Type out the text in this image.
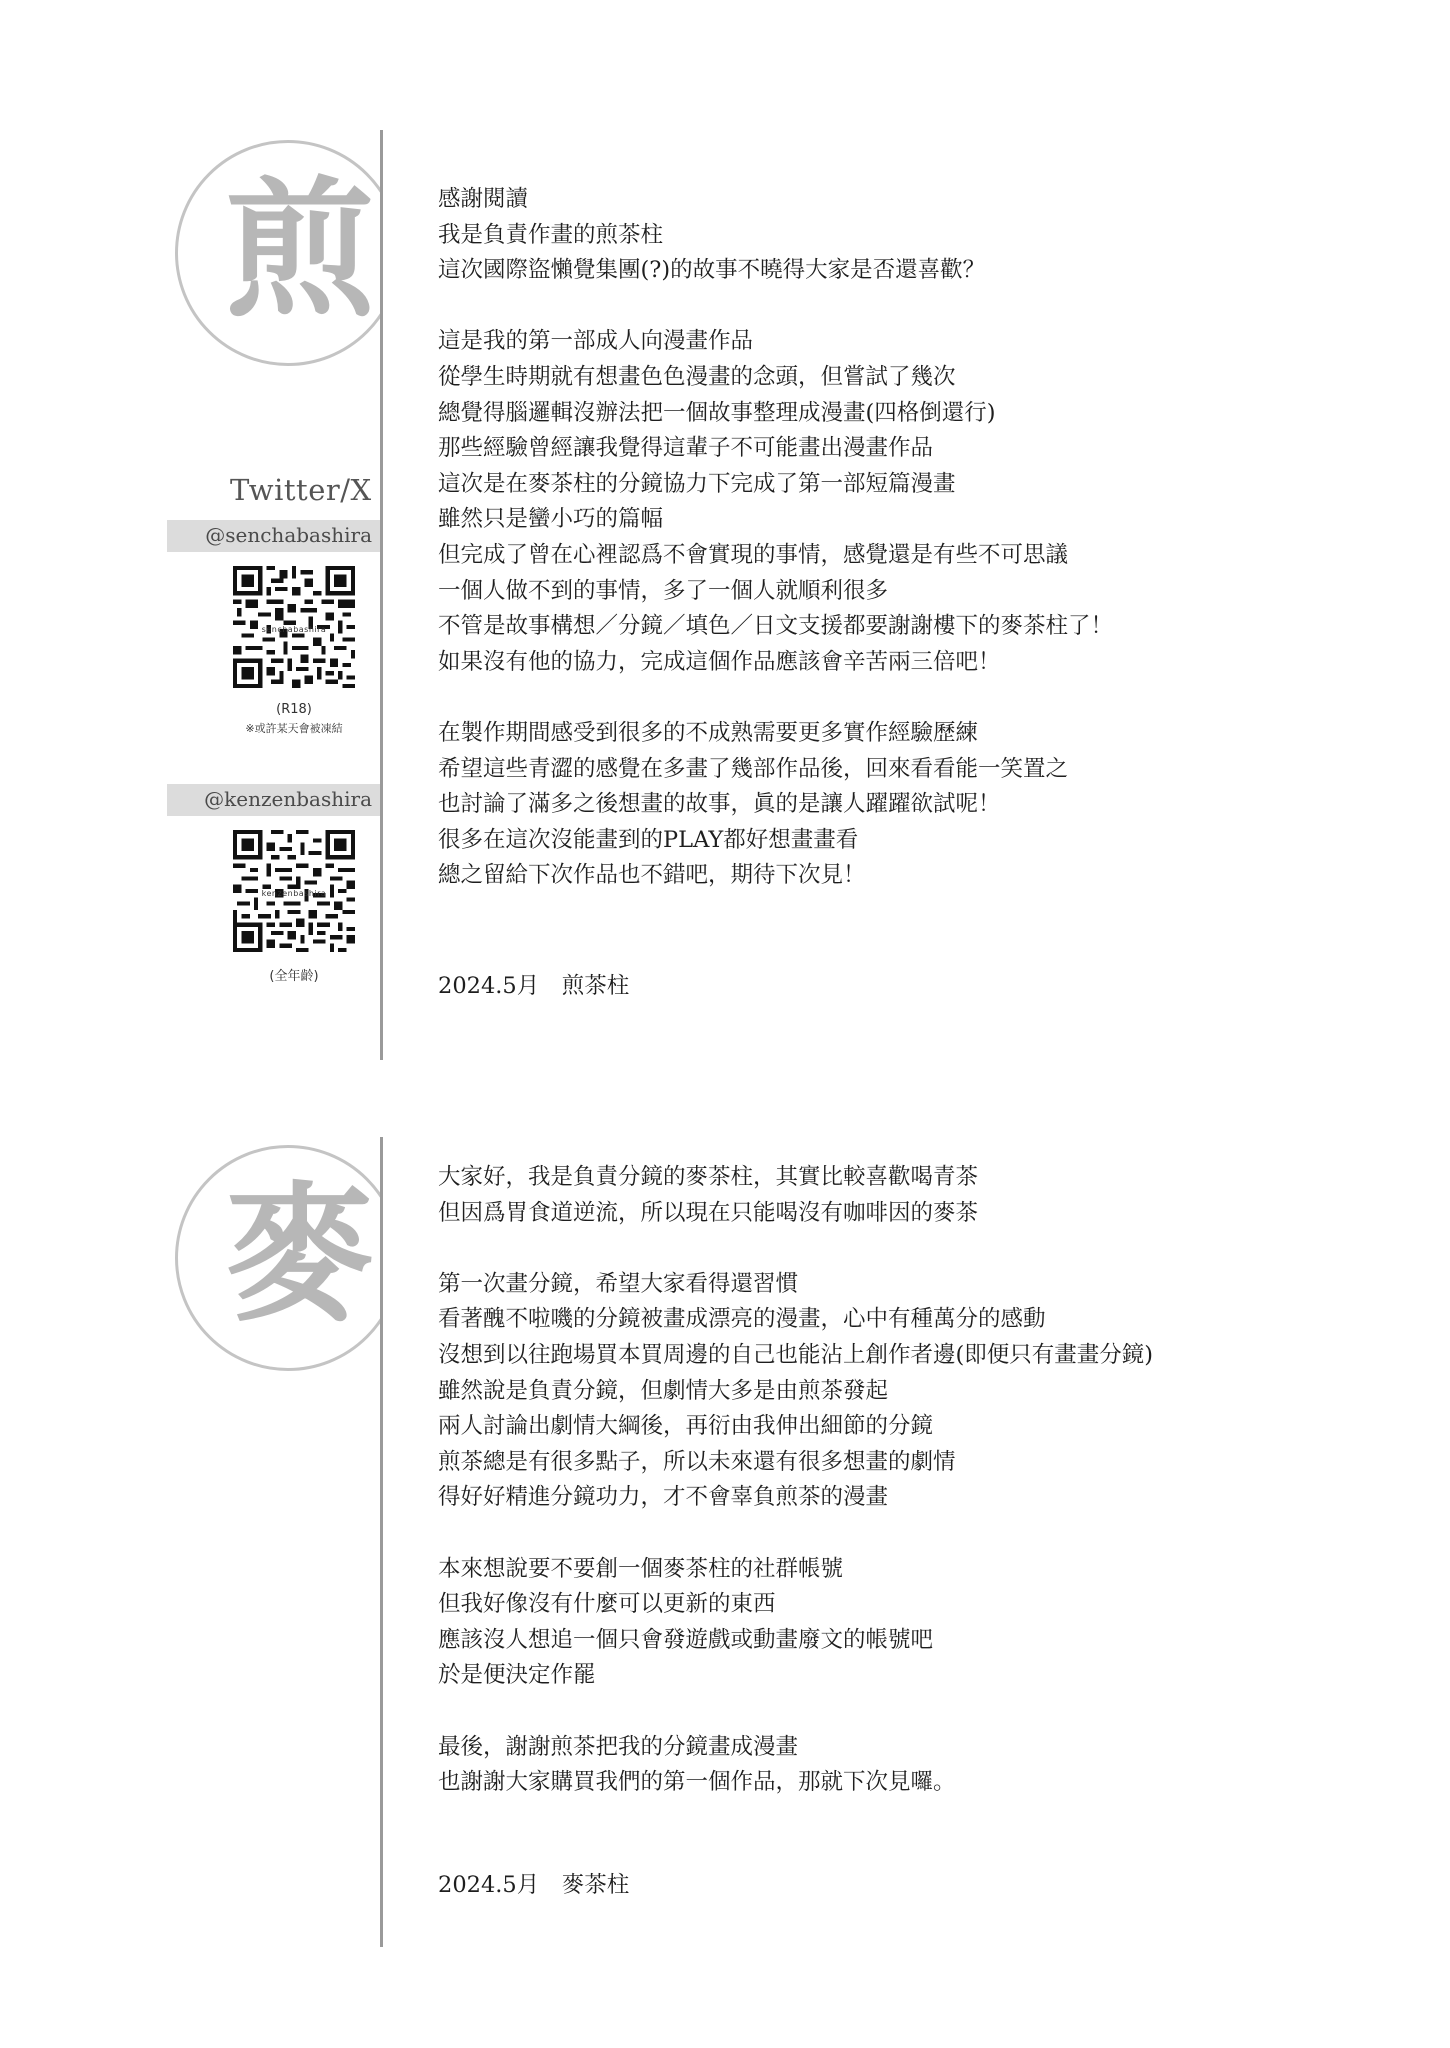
煎
Twitter/X
@senchabashira
senchabashira
(R18)
※或許某天會被凍結
@kenzenbashira
kenzenbashira
(全年齡)

感謝閱讀

我是負責作畫的煎茶柱

這次國際盜懶覺集團(?)的故事不曉得大家是否還喜歡？

這是我的第一部成人向漫畫作品

從學生時期就有想畫色色漫畫的念頭，但嘗試了幾次

總覺得腦邏輯沒辦法把一個故事整理成漫畫(四格倒還行)

那些經驗曾經讓我覺得這輩子不可能畫出漫畫作品

這次是在麥茶柱的分鏡協力下完成了第一部短篇漫畫

雖然只是蠻小巧的篇幅

但完成了曾在心裡認爲不會實現的事情，感覺還是有些不可思議

一個人做不到的事情，多了一個人就順利很多

不管是故事構想／分鏡／填色／日文支援都要謝謝樓下的麥茶柱了！

如果沒有他的協力，完成這個作品應該會辛苦兩三倍吧！

在製作期間感受到很多的不成熟需要更多實作經驗歷練

希望這些青澀的感覺在多畫了幾部作品後，回來看看能一笑置之

也討論了滿多之後想畫的故事，眞的是讓人躍躍欲試呢！

很多在這次沒能畫到的PLAY都好想畫畫看

總之留給下次作品也不錯吧，期待下次見！

2024.5月　煎茶柱
麥	大家好，我是負責分鏡的麥茶柱，其實比較喜歡喝青茶

但因爲胃食道逆流，所以現在只能喝沒有咖啡因的麥茶

第一次畫分鏡，希望大家看得還習慣

看著醜不啦嘰的分鏡被畫成漂亮的漫畫，心中有種萬分的感動

沒想到以往跑場買本買周邊的自己也能沾上創作者邊(即便只有畫畫分鏡)

雖然說是負責分鏡，但劇情大多是由煎茶發起

兩人討論出劇情大綱後，再衍由我伸出細節的分鏡

煎茶總是有很多點子，所以未來還有很多想畫的劇情

得好好精進分鏡功力，才不會辜負煎茶的漫畫

本來想說要不要創一個麥茶柱的社群帳號

但我好像沒有什麼可以更新的東西

應該沒人想追一個只會發遊戲或動畫廢文的帳號吧

於是便決定作罷

最後，謝謝煎茶把我的分鏡畫成漫畫

也謝謝大家購買我們的第一個作品，那就下次見囉。

2024.5月　麥茶柱
